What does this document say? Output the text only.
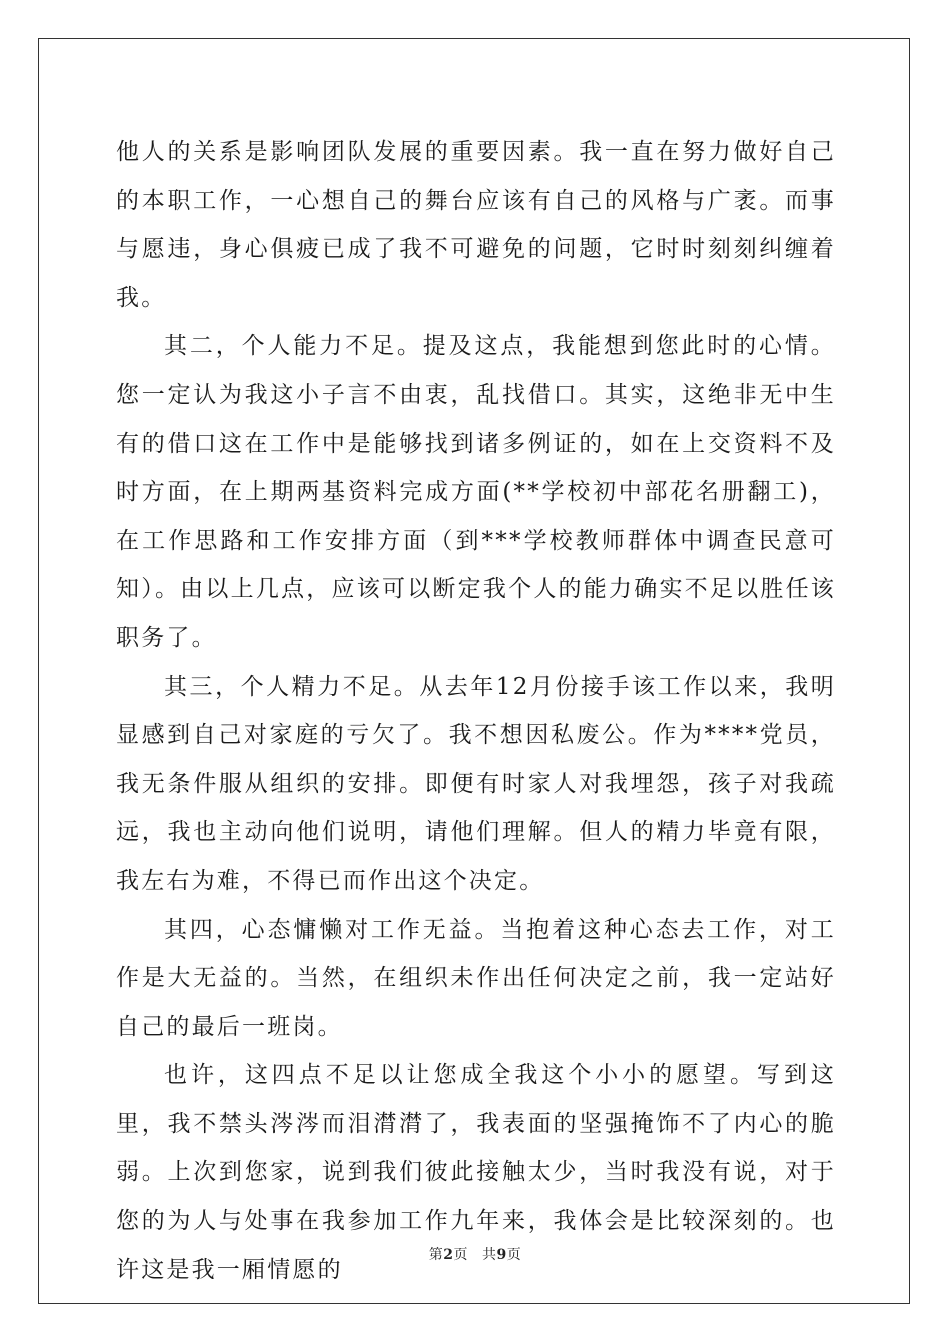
他人的关系是影响团队发展的重要因素。我一直在努力做好自己的本职工作，一心想自己的舞台应该有自己的风格与广袤。而事与愿违，身心俱疲已成了我不可避免的问题，它时时刻刻纠缠着我。

其二，个人能力不足。提及这点，我能想到您此时的心情。您一定认为我这小子言不由衷，乱找借口。其实，这绝非无中生有的借口这在工作中是能够找到诸多例证的，如在上交资料不及时方面，在上期两基资料完成方面(**学校初中部花名册翻工)，在工作思路和工作安排方面（到***学校教师群体中调查民意可知）。由以上几点，应该可以断定我个人的能力确实不足以胜任该职务了。

其三，个人精力不足。从去年12月份接手该工作以来，我明显感到自己对家庭的亏欠了。我不想因私废公。作为****党员，我无条件服从组织的安排。即便有时家人对我埋怨，孩子对我疏远，我也主动向他们说明，请他们理解。但人的精力毕竟有限，我左右为难，不得已而作出这个决定。

其四，心态慵懒对工作无益。当抱着这种心态去工作，对工作是大无益的。当然，在组织未作出任何决定之前，我一定站好自己的最后一班岗。

也许，这四点不足以让您成全我这个小小的愿望。写到这里，我不禁头涔涔而泪潸潸了，我表面的坚强掩饰不了内心的脆弱。上次到您家，说到我们彼此接触太少，当时我没有说，对于您的为人与处事在我参加工作九年来，我体会是比较深刻的。也许这是我一厢情愿的

第2页 共9页
